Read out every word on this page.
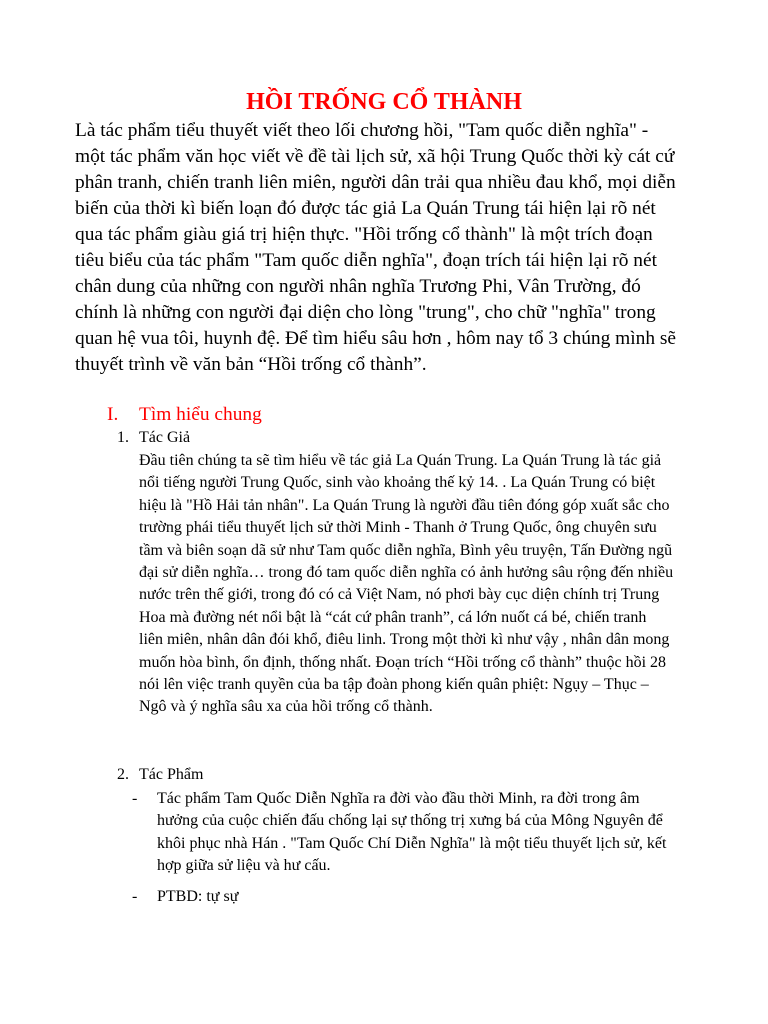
HỒI TRỐNG CỔ THÀNH

Là tác phẩm tiểu thuyết viết theo lối chương hồi, "Tam quốc diễn nghĩa" - một tác phẩm văn học viết về đề tài lịch sử, xã hội Trung Quốc thời kỳ cát cứ phân tranh, chiến tranh liên miên, người dân trải qua nhiều đau khổ, mọi diễn biến của thời kì biến loạn đó được tác giả La Quán Trung tái hiện lại rõ nét qua tác phẩm giàu giá trị hiện thực. "Hồi trống cổ thành" là một trích đoạn tiêu biểu của tác phẩm "Tam quốc diễn nghĩa", đoạn trích tái hiện lại rõ nét chân dung của những con người nhân nghĩa Trương Phi, Vân Trường, đó chính là những con người đại diện cho lòng "trung", cho chữ "nghĩa" trong quan hệ vua tôi, huynh đệ. Để tìm hiểu sâu hơn , hôm nay tổ 3 chúng mình sẽ thuyết trình về văn bản “Hồi trống cổ thành”.

I. Tìm hiểu chung
1. Tác Giả

Đầu tiên chúng ta sẽ tìm hiểu về tác giả La Quán Trung. La Quán Trung là tác giả nổi tiếng người Trung Quốc, sinh vào khoảng thế kỷ 14. . La Quán Trung có biệt hiệu là "Hồ Hải tản nhân". La Quán Trung là người đầu tiên đóng góp xuất sắc cho trường phái tiểu thuyết lịch sử thời Minh - Thanh ở Trung Quốc, ông chuyên sưu tầm và biên soạn dã sử như Tam quốc diễn nghĩa, Bình yêu truyện, Tấn Đường ngũ đại sử diễn nghĩa… trong đó tam quốc diễn nghĩa có ảnh hưởng sâu rộng đến nhiều nước trên thế giới, trong đó có cả Việt Nam, nó phơi bày cục diện chính trị Trung Hoa mà đường nét nổi bật là “cát cứ phân tranh”, cá lớn nuốt cá bé, chiến tranh liên miên, nhân dân đói khổ, điêu linh. Trong một thời kì như vậy , nhân dân mong muốn hòa bình, ổn định, thống nhất. Đoạn trích “Hồi trống cổ thành” thuộc hồi 28 nói lên việc tranh quyền của ba tập đoàn phong kiến quân phiệt: Ngụy – Thục –Ngô và ý nghĩa sâu xa của hồi trống cổ thành.

2. Tác Phẩm
- Tác phẩm Tam Quốc Diễn Nghĩa ra đời vào đầu thời Minh, ra đời trong âm hưởng của cuộc chiến đấu chống lại sự thống trị xưng bá của Mông Nguyên để khôi phục nhà Hán . "Tam Quốc Chí Diễn Nghĩa" là một tiểu thuyết lịch sử, kết hợp giữa sử liệu và hư cấu.
- PTBD: tự sự
